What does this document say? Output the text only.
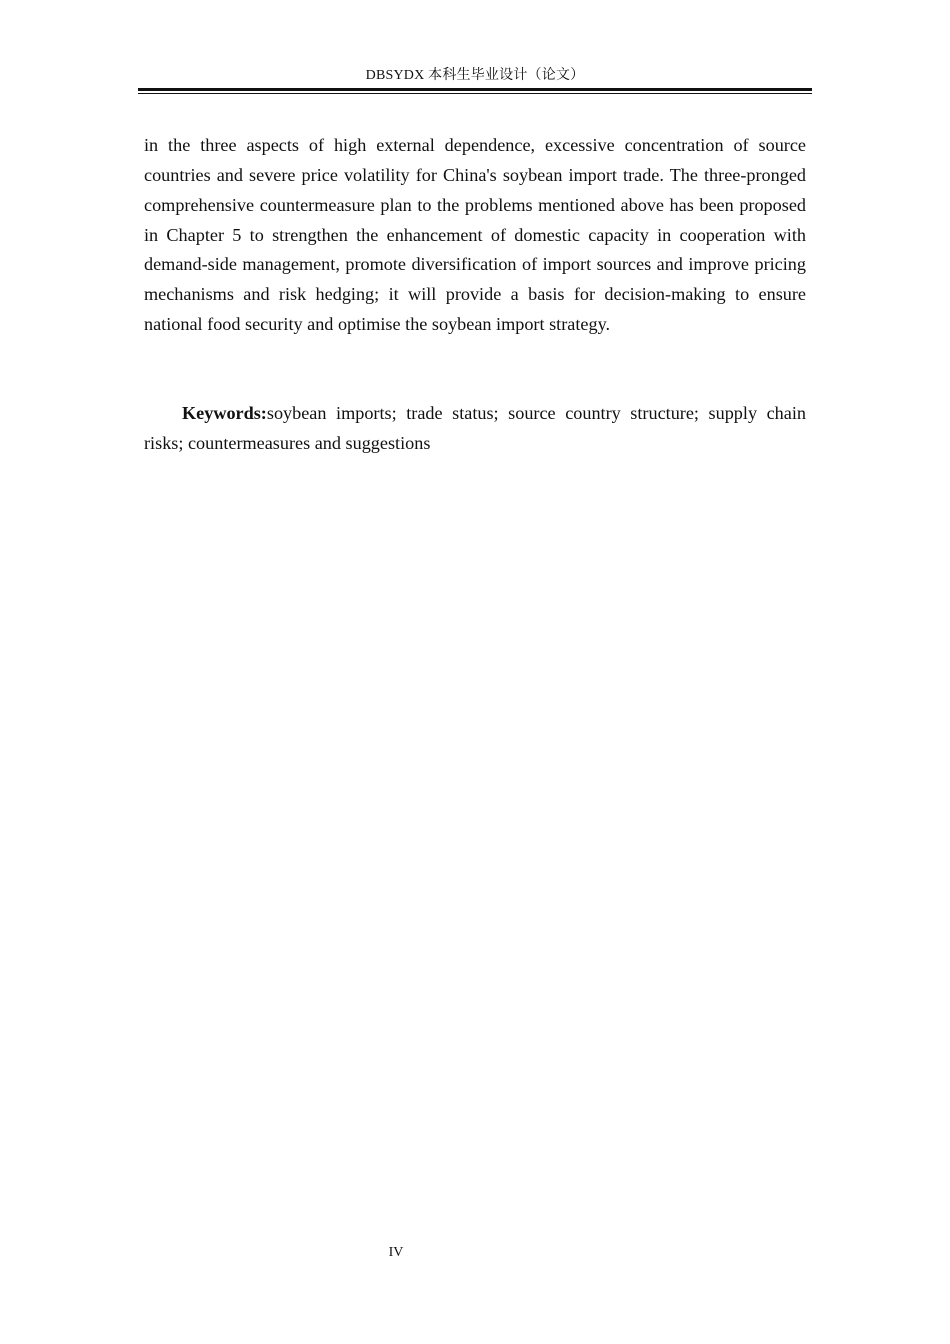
DBSYDX 本科生毕业设计（论文）

in the three aspects of high external dependence, excessive concentration of source countries and severe price volatility for China's soybean import trade. The three-pronged comprehensive countermeasure plan to the problems mentioned above has been proposed in Chapter 5 to strengthen the enhancement of domestic capacity in cooperation with demand-side management, promote diversification of import sources and improve pricing mechanisms and risk hedging; it will provide a basis for decision-making to ensure national food security and optimise the soybean import strategy.

Keywords:soybean imports; trade status; source country structure; supply chain risks; countermeasures and suggestions

IV
